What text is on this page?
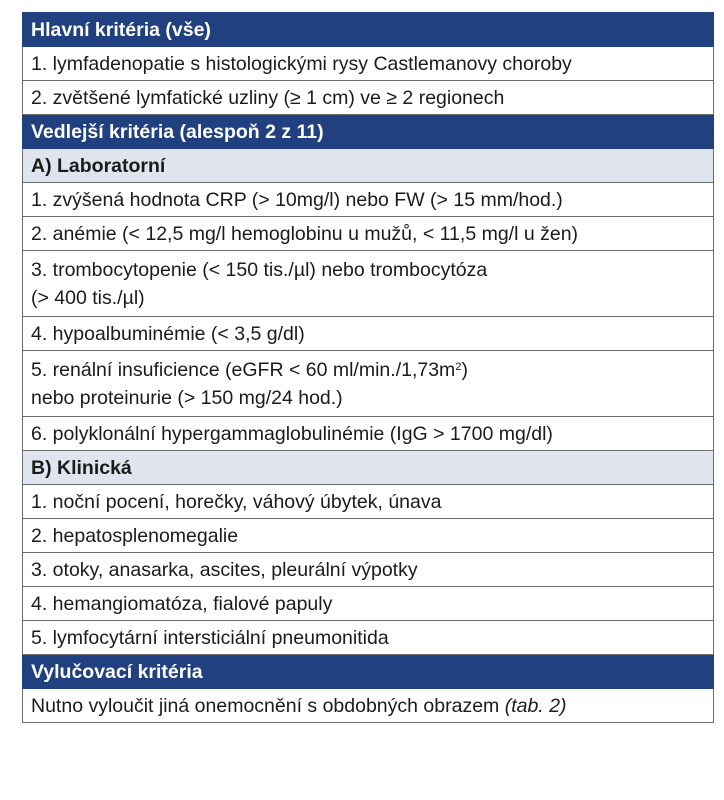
Hlavní kritéria (vše)
1. lymfadenopatie s histologickými rysy Castlemanovy choroby
2. zvětšené lymfatické uzliny (≥ 1 cm) ve ≥ 2 regionech
Vedlejší kritéria (alespoň 2 z 11)
A) Laboratorní
1. zvýšená hodnota CRP (> 10mg/l) nebo FW (> 15 mm/hod.)
2. anémie (< 12,5 mg/l hemoglobinu u mužů, < 11,5 mg/l u žen)

3. trombocytopenie (< 150 tis./µl) nebo trombocytóza
(> 400 tis./µl)

4. hypoalbuminémie (< 3,5 g/dl)

5. renální insuficience (eGFR < 60 $ml/\min./1,73m^2$)
nebo proteinurie (> 150 mg/24 hod.)

6. polyklonální hypergammaglobulinémie (IgG > 1700 mg/dl)
B) Klinická
1. noční pocení, horečky, váhový úbytek, únava
2. hepatosplenomegalie
3. otoky, anasarka, ascites, pleurální výpotky
4. hemangiomatóza, fialové papuly
5. lymfocytární intersticiální pneumonitida
Vylučovací kritéria
Nutno vyloučit jiná onemocnění s obdobných obrazem (tab. 2)
